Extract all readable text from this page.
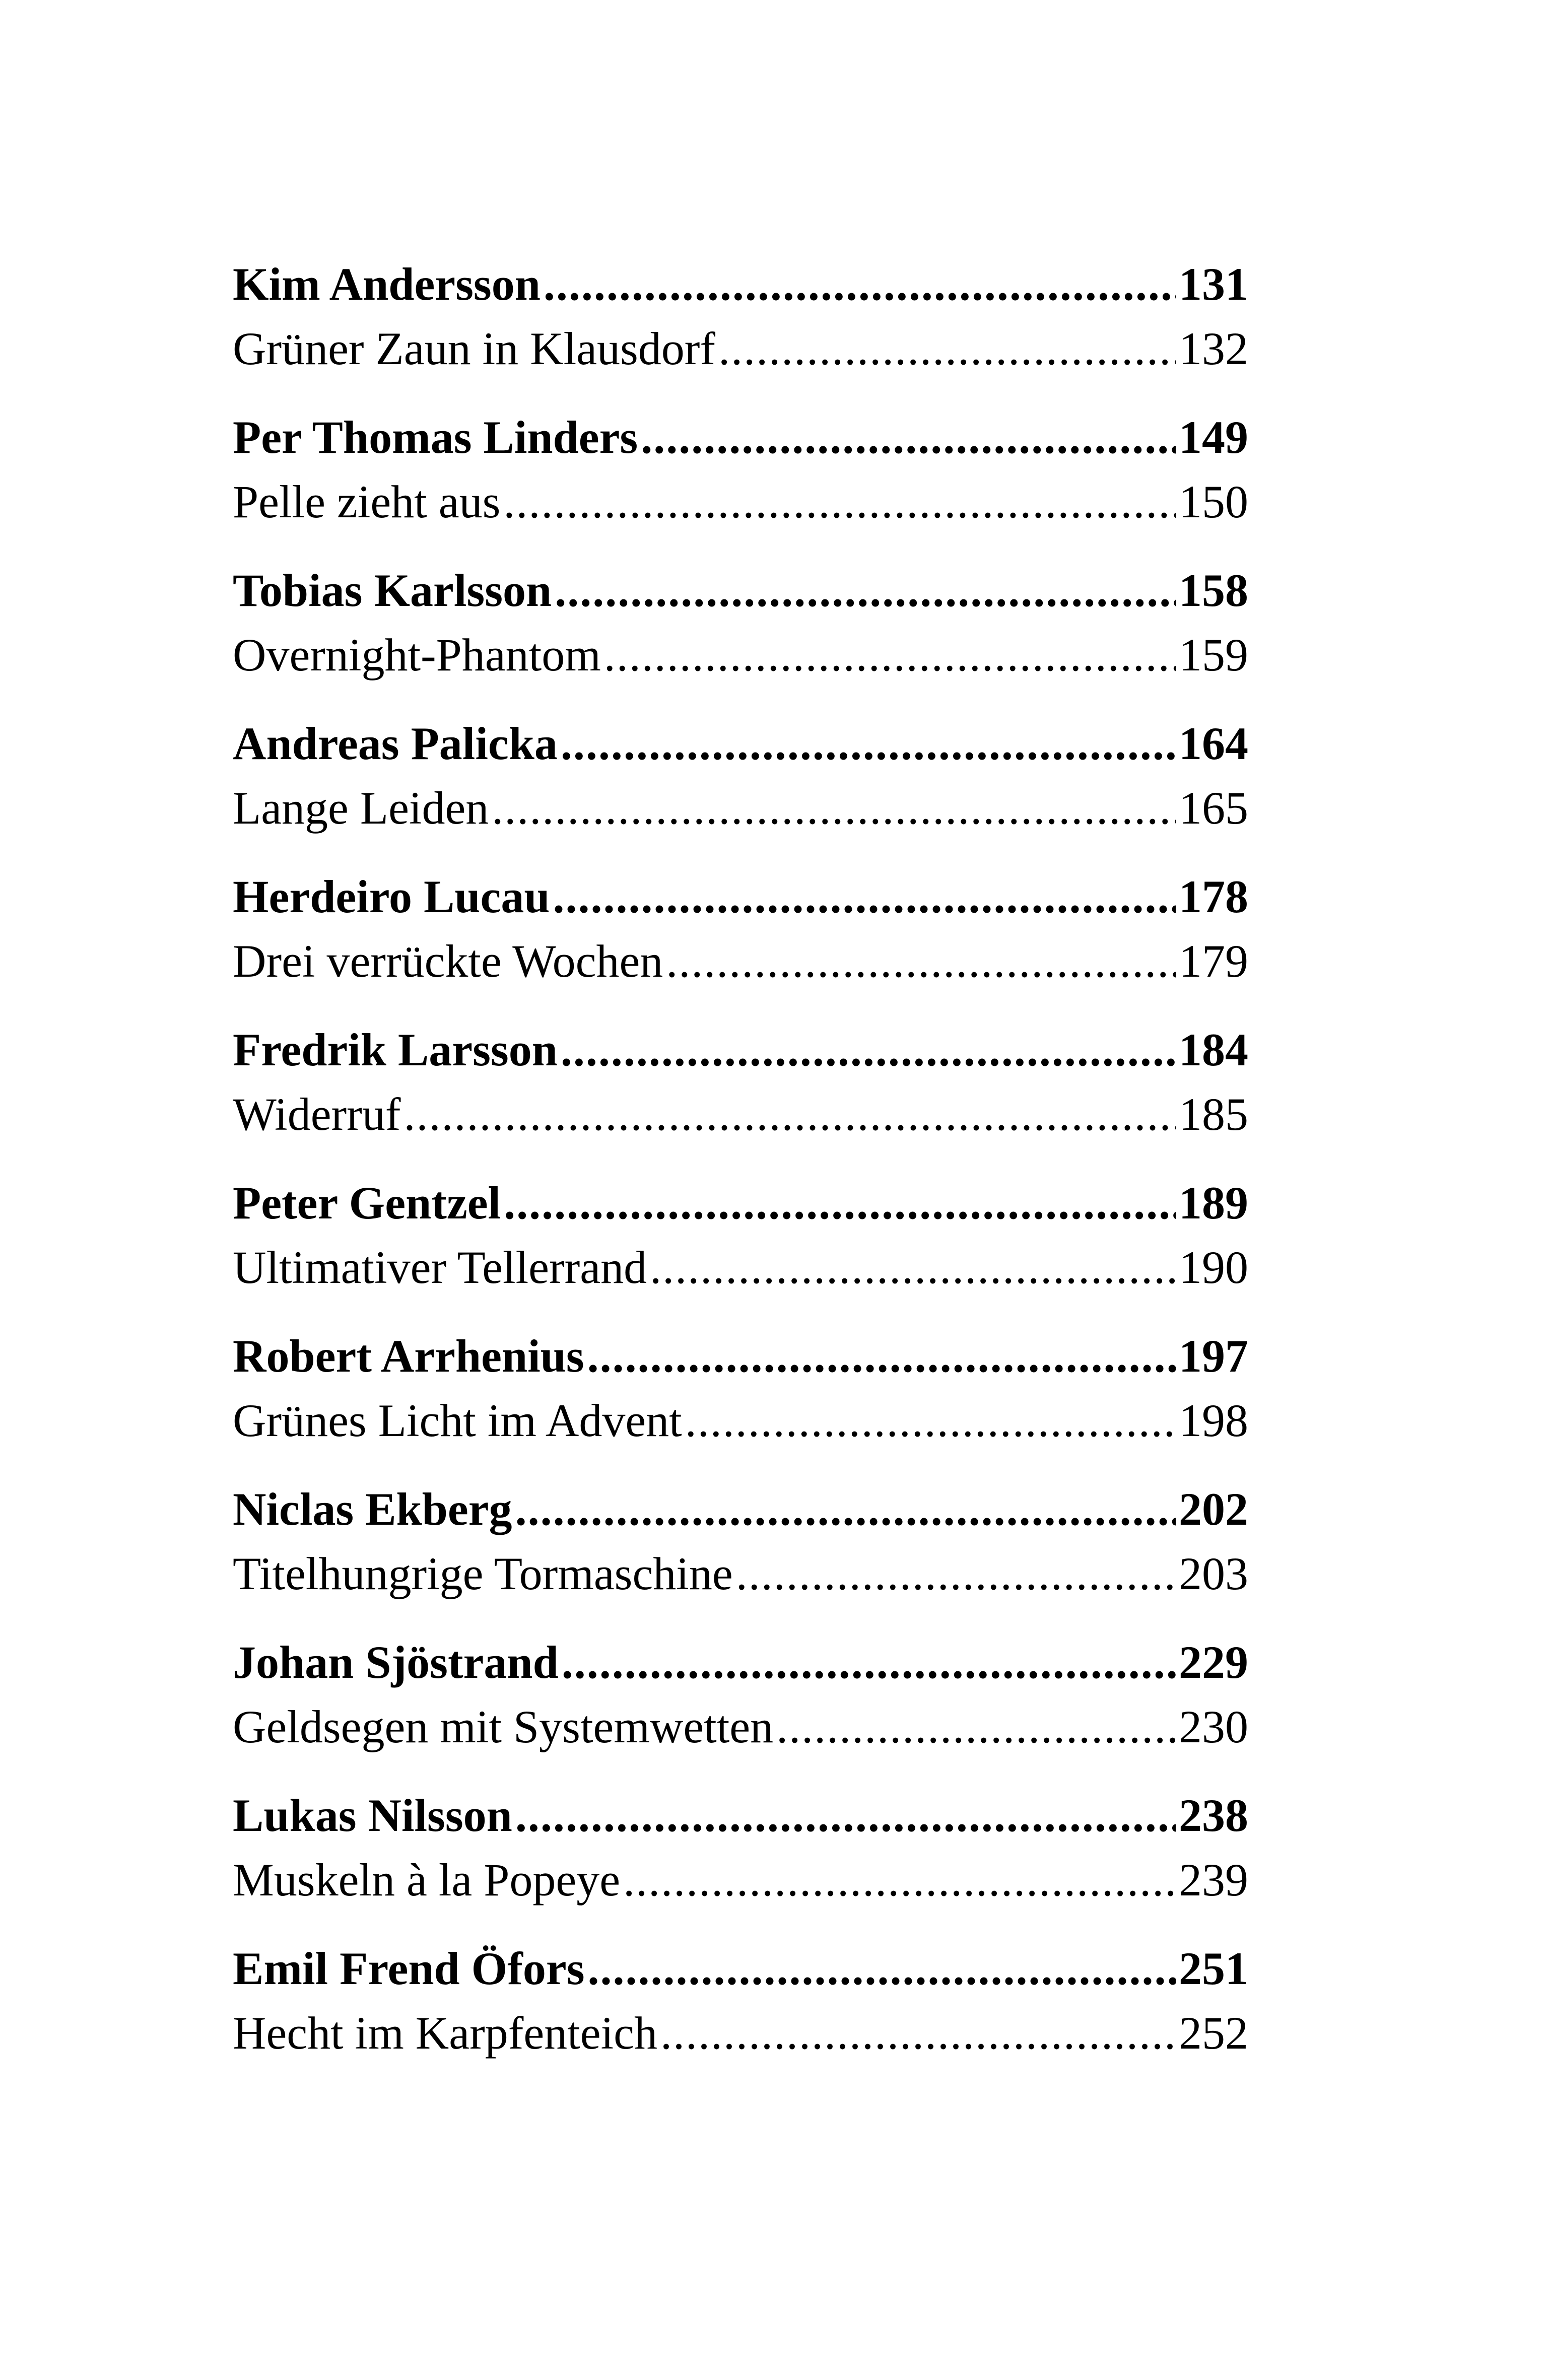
Kim Andersson .....	131
Grüner Zaun in Klausdorf .....	132
Per Thomas Linders .....	149
Pelle zieht aus .....	150
Tobias Karlsson .....	158
Overnight-Phantom .....	159
Andreas Palicka .....	164
Lange Leiden .....	165
Herdeiro Lucau .....	178
Drei verrückte Wochen .....	179
Fredrik Larsson .....	184
Widerruf .....	185
Peter Gentzel .....	189
Ultimativer Tellerrand .....	190
Robert Arrhenius .....	197
Grünes Licht im Advent .....	198
Niclas Ekberg .....	202
Titelhungrige Tormaschine .....	203
Johan Sjöstrand .....	229
Geldsegen mit Systemwetten .....	230
Lukas Nilsson .....	238
Muskeln à la Popeye .....	239
Emil Frend Öfors .....	251
Hecht im Karpfenteich .....	252
